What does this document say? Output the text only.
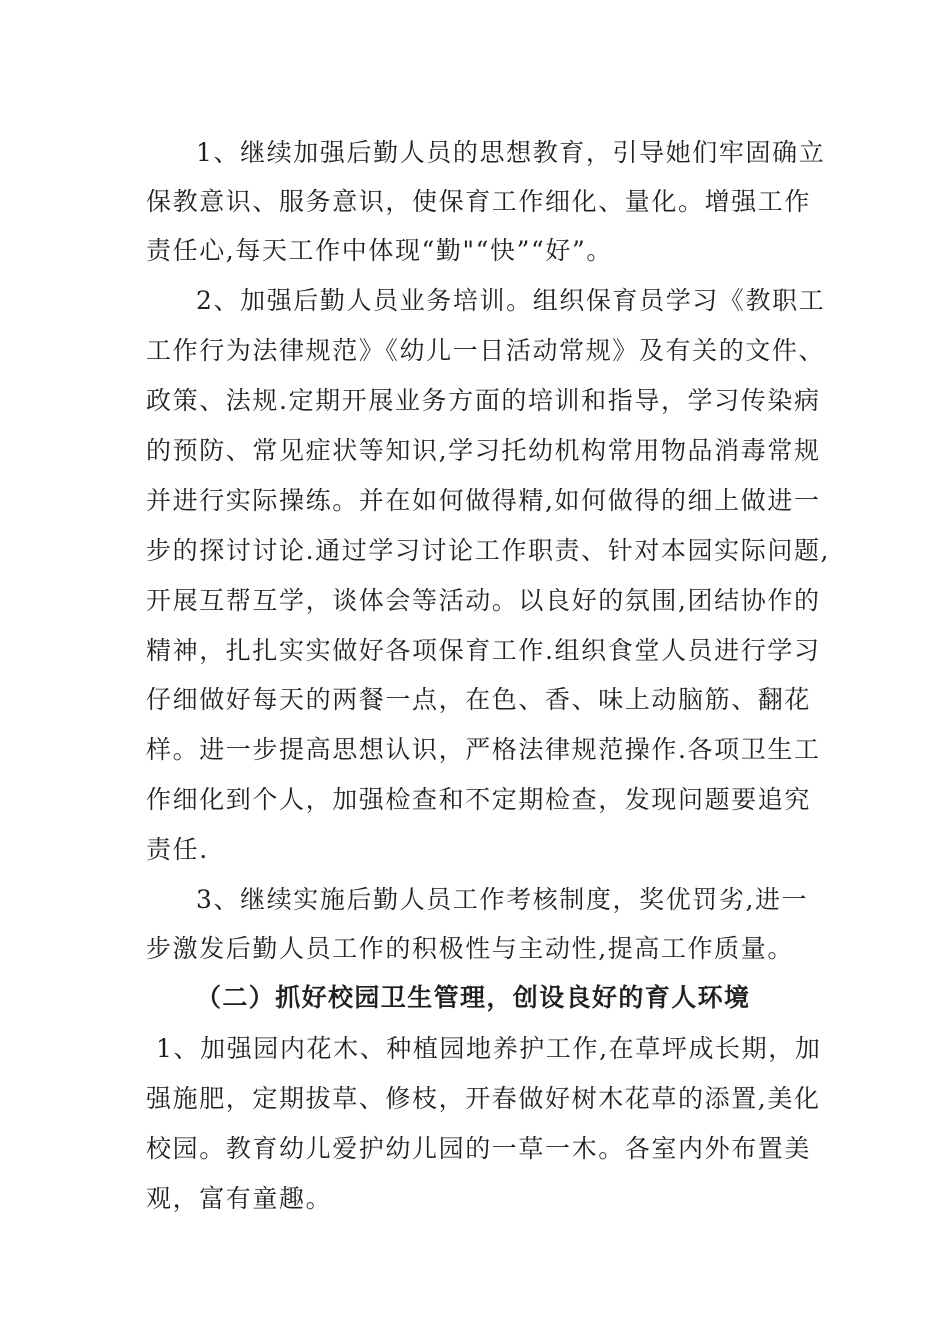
1、继续加强后勤人员的思想教育，引导她们牢固确立
保教意识、服务意识，使保育工作细化、量化。增强工作
责任心,每天工作中体现“勤"“快”“好”。
2、加强后勤人员业务培训。组织保育员学习《教职工
工作行为法律规范》《幼儿一日活动常规》及有关的文件、
政策、法规.定期开展业务方面的培训和指导，学习传染病
的预防、常见症状等知识,学习托幼机构常用物品消毒常规
并进行实际操练。并在如何做得精,如何做得的细上做进一
步的探讨讨论.通过学习讨论工作职责、针对本园实际问题,
开展互帮互学，谈体会等活动。以良好的氛围,团结协作的
精神，扎扎实实做好各项保育工作.组织食堂人员进行学习
仔细做好每天的两餐一点，在色、香、味上动脑筋、翻花
样。进一步提高思想认识，严格法律规范操作.各项卫生工
作细化到个人，加强检查和不定期检查，发现问题要追究
责任.
3、继续实施后勤人员工作考核制度，奖优罚劣,进一
步激发后勤人员工作的积极性与主动性,提高工作质量。
（二）抓好校园卫生管理，创设良好的育人环境
1、加强园内花木、种植园地养护工作,在草坪成长期，加
强施肥，定期拔草、修枝，开春做好树木花草的添置,美化
校园。教育幼儿爱护幼儿园的一草一木。各室内外布置美
观，富有童趣。
